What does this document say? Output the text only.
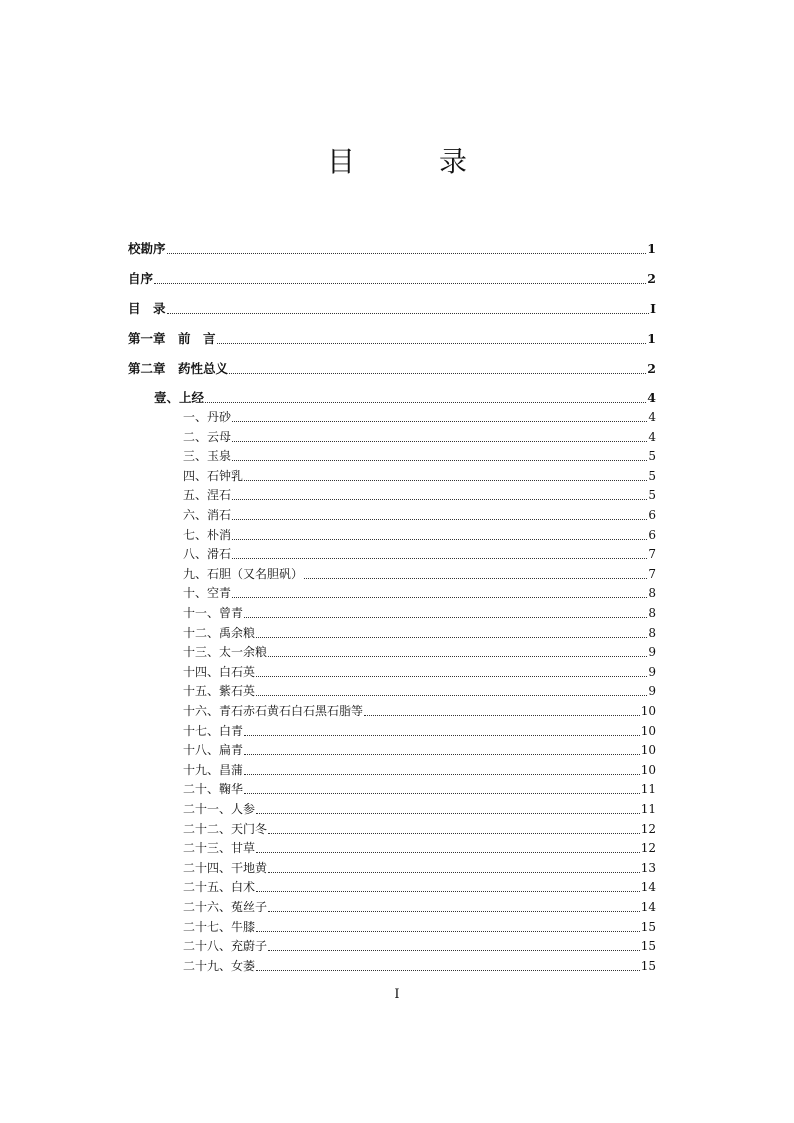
目　录
校勘序	1
自序	2
目　录	I
第一章　前　言	1
第二章　药性总义	2
壹、上经	4
一、丹砂	4
二、云母	4
三、玉泉	5
四、石钟乳	5
五、涅石	5
六、消石	6
七、朴消	6
八、滑石	7
九、石胆（又名胆矾）	7
十、空青	8
十一、曾青	8
十二、禹余粮	8
十三、太一余粮	9
十四、白石英	9
十五、紫石英	9
十六、青石赤石黄石白石黑石脂等	10
十七、白青	10
十八、扁青	10
十九、昌蒲	10
二十、鞠华	11
二十一、人参	11
二十二、天门冬	12
二十三、甘草	12
二十四、干地黄	13
二十五、白术	14
二十六、菟丝子	14
二十七、牛膝	15
二十八、充蔚子	15
二十九、女萎	15
I
